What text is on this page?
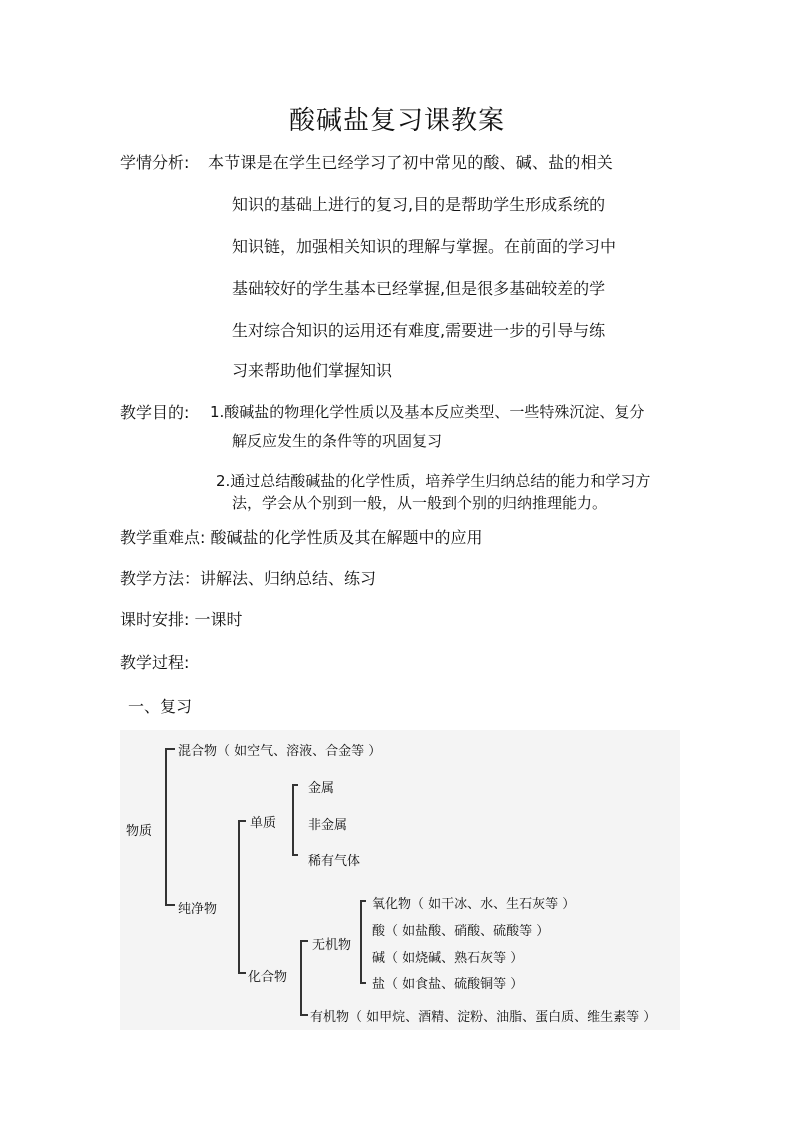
酸碱盐复习课教案
学情分析: 本节课是在学生已经学习了初中常见的酸、碱、盐的相关
知识的基础上进行的复习,目的是帮助学生形成系统的
知识链，加强相关知识的理解与掌握。在前面的学习中
基础较好的学生基本已经掌握,但是很多基础较差的学
生对综合知识的运用还有难度,需要进一步的引导与练
习来帮助他们掌握知识
教学目的: 1.酸碱盐的物理化学性质以及基本反应类型、一些特殊沉淀、复分
解反应发生的条件等的巩固复习
2.通过总结酸碱盐的化学性质，培养学生归纳总结的能力和学习方
法，学会从个别到一般，从一般到个别的归纳推理能力。
教学重难点: 酸碱盐的化学性质及其在解题中的应用
教学方法：讲解法、归纳总结、练习
课时安排: 一课时
教学过程:
一、复习
物质
混合物（ 如空气、溶液、合金等 ）
纯净物
单质
化合物
金属
非金属
稀有气体
无机物
有机物（ 如甲烷、酒精、淀粉、油脂、蛋白质、维生素等 ）
氧化物（ 如干冰、水、生石灰等 ）
酸（ 如盐酸、硝酸、硫酸等 ）
碱（ 如烧碱、熟石灰等 ）
盐（ 如食盐、硫酸铜等 ）
